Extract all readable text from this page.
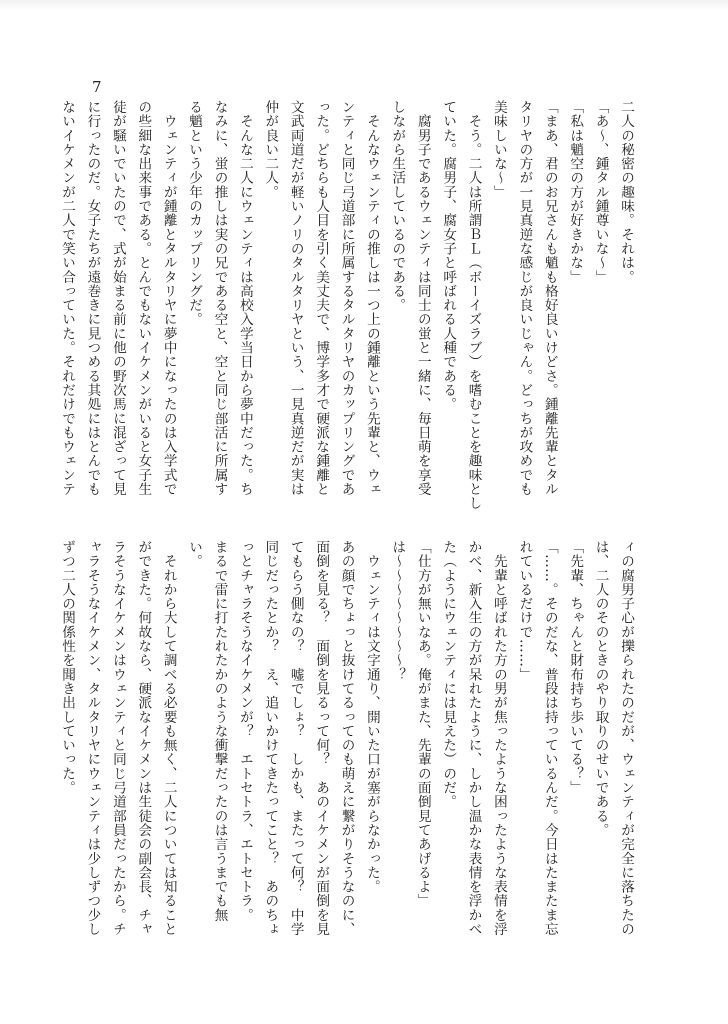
7
二人の秘密の趣味。それは。
「あ〜、鍾タル鍾尊いな〜」
「私は魈空の方が好きかな」
「まあ、君のお兄さんも魈も格好良いけどさ。鍾離先輩とタル
タリヤの方が一見真逆な感じが良いじゃん。どっちが攻めでも
美味しいな〜」
　そう。二人は所謂ＢＬ（ボーイズラブ）を嗜むことを趣味とし
ていた。腐男子、腐女子と呼ばれる人種である。
　腐男子であるウェンティは同士の蛍と一緒に、毎日萌を享受
しながら生活しているのである。
　そんなウェンティの推しは一つ上の鍾離という先輩と、ウェ
ンティと同じ弓道部に所属するタルタリヤのカップリングであ
った。どちらも人目を引く美丈夫で、博学多才で硬派な鍾離と
文武両道だが軽いノリのタルタリヤという、一見真逆だが実は
仲が良い二人。
　そんな二人にウェンティは高校入学当日から夢中だった。ち
なみに、蛍の推しは実の兄である空と、空と同じ部活に所属す
る魈という少年のカップリングだ。
　ウェンティが鍾離とタルタリヤに夢中になったのは入学式で
の些細な出来事である。とんでもないイケメンがいると女子生
徒が騒いでいたので、式が始まる前に他の野次馬に混ざって見
に行ったのだ。女子たちが遠巻きに見つめる其処にはとんでも
ないイケメンが二人で笑い合っていた。それだけでもウェンテ
ィの腐男子心が擽られたのだが、ウェンティが完全に落ちたの
は、二人のそのときのやり取りのせいである。
「先輩、ちゃんと財布持ち歩いてる？」
「……。そのだな、普段は持っているんだ。今日はたまたま忘
れているだけで……」
　先輩と呼ばれた方の男が焦ったような困ったような表情を浮
かべ、新入生の方が呆れたように、しかし温かな表情を浮かべ
た（ようにウェンティには見えた）のだ。
「仕方が無いなあ。俺がまた、先輩の面倒見てあげるよ」
は〜〜〜〜〜〜〜〜？
　ウェンティは文字通り、開いた口が塞がらなかった。
あの顔でちょっと抜けてるってのも萌えに繋がりそうなのに、
面倒を見る？　面倒を見るって何？　あのイケメンが面倒を見
てもらう側なの？　嘘でしょ？　しかも、またって何？　中学
同じだったとか？　え、追いかけてきたってこと？　あのちょ
っとチャラそうなイケメンが？　エトセトラ、エトセトラ。
まるで雷に打たれたかのような衝撃だったのは言うまでも無
い。
　それから大して調べる必要も無く、二人については知ること
ができた。何故なら、硬派なイケメンは生徒会の副会長、チャ
ラそうなイケメンはウェンティと同じ弓道部員だったから。チ
ャラそうなイケメン、タルタリヤにウェンティは少しずつ少し
ずつ二人の関係性を聞き出していった。
